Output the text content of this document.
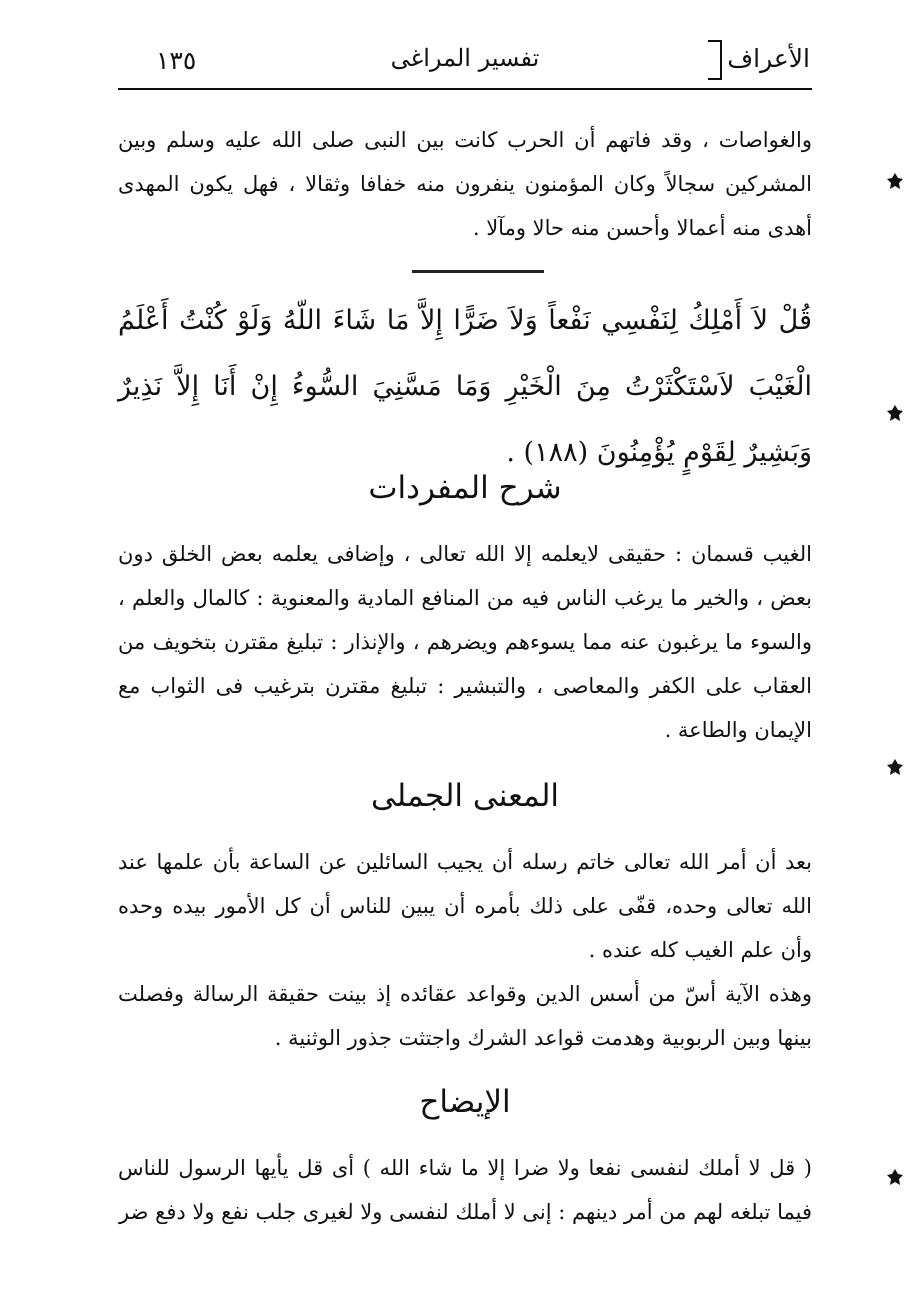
الأعراف
تفسير المراغى
١٣٥

والغواصات ، وقد فاتهم أن الحرب كانت بين النبى صلى الله عليه وسلم وبين المشركين سجالاً وكان المؤمنون ينفرون منه خفافا وثقالا ، فهل يكون المهدى أهدى منه أعمالا وأحسن منه حالا ومآلا .

قُلْ لاَ أَمْلِكُ لِنَفْسِي نَفْعاً وَلاَ ضَرًّا إِلاَّ مَا شَاءَ اللّهُ وَلَوْ كُنْتُ أَعْلَمُ الْغَيْبَ لاَسْتَكْثَرْتُ مِنَ الْخَيْرِ وَمَا مَسَّنِيَ السُّوءُ إِنْ أَنَا إِلاَّ نَذِيرٌ وَبَشِيرٌ لِقَوْمٍ يُؤْمِنُونَ (١٨٨) .

شرح المفردات

الغيب قسمان : حقيقى لايعلمه إلا الله تعالى ، وإضافى يعلمه بعض الخلق دون بعض ، والخير ما يرغب الناس فيه من المنافع المادية والمعنوية : كالمال والعلم ، والسوء ما يرغبون عنه مما يسوءهم ويضرهم ، والإنذار : تبليغ مقترن بتخويف من العقاب على الكفر والمعاصى ، والتبشير : تبليغ مقترن بترغيب فى الثواب مع الإيمان والطاعة .

المعنى الجملى

بعد أن أمر الله تعالى خاتم رسله أن يجيب السائلين عن الساعة بأن علمها عند الله تعالى وحده، قفّى على ذلك بأمره أن يبين للناس أن كل الأمور بيده وحده وأن علم الغيب كله عنده .

وهذه الآية أسّ من أسس الدين وقواعد عقائده إذ بينت حقيقة الرسالة وفصلت بينها وبين الربوبية وهدمت قواعد الشرك واجتثت جذور الوثنية .

الإيضاح

( قل لا أملك لنفسى نفعا ولا ضرا إلا ما شاء الله ) أى قل يأيها الرسول للناس فيما تبلغه لهم من أمر دينهم : إنى لا أملك لنفسى ولا لغيرى جلب نفع ولا دفع ضر
